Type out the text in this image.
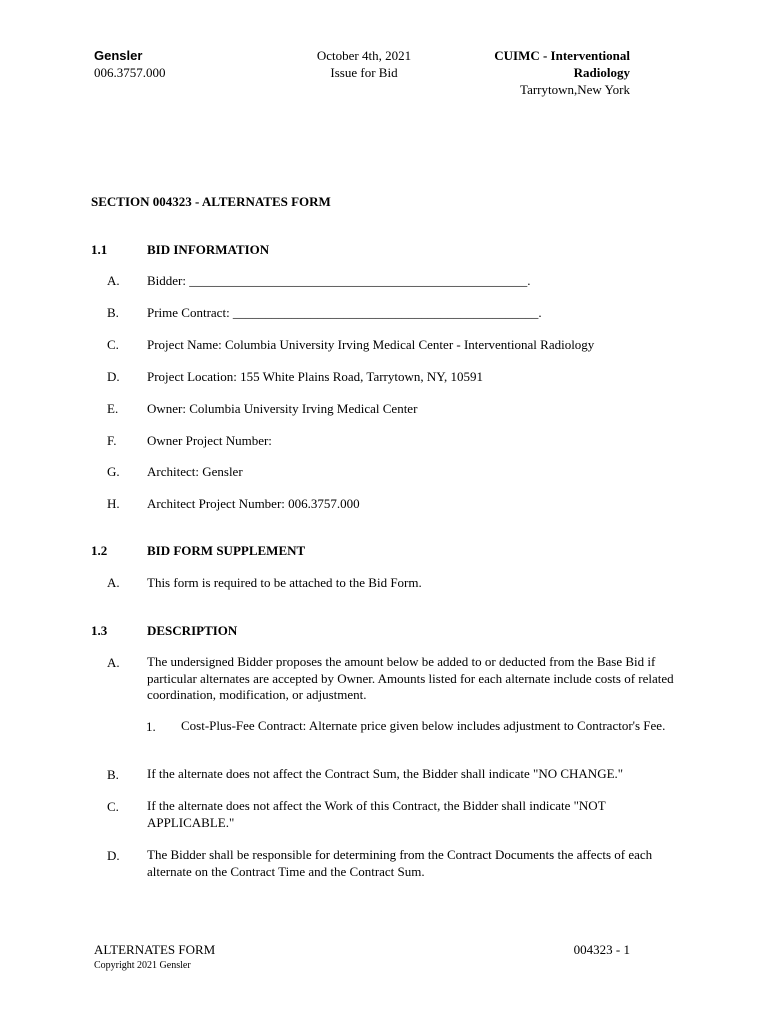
Gensler
006.3757.000
October 4th, 2021
Issue for Bid
CUIMC - Interventional
Radiology
Tarrytown,New York
SECTION 004323 - ALTERNATES FORM
1.1	BID INFORMATION
A. Bidder: ____________________________________________________.
B. Prime Contract: _______________________________________________.
C. Project Name: Columbia University Irving Medical Center - Interventional Radiology
D. Project Location: 155 White Plains Road, Tarrytown, NY, 10591
E. Owner: Columbia University Irving Medical Center
F. Owner Project Number:
G. Architect: Gensler
H. Architect Project Number: 006.3757.000
1.2	BID FORM SUPPLEMENT
A. This form is required to be attached to the Bid Form.
1.3	DESCRIPTION
A. The undersigned Bidder proposes the amount below be added to or deducted from the Base Bid if particular alternates are accepted by Owner. Amounts listed for each alternate include costs of related coordination, modification, or adjustment.
1. Cost-Plus-Fee Contract: Alternate price given below includes adjustment to Contractor's Fee.
B. If the alternate does not affect the Contract Sum, the Bidder shall indicate "NO CHANGE."
C. If the alternate does not affect the Work of this Contract, the Bidder shall indicate "NOT APPLICABLE."
D. The Bidder shall be responsible for determining from the Contract Documents the affects of each alternate on the Contract Time and the Contract Sum.
ALTERNATES FORM
Copyright 2021 Gensler
004323 - 1
